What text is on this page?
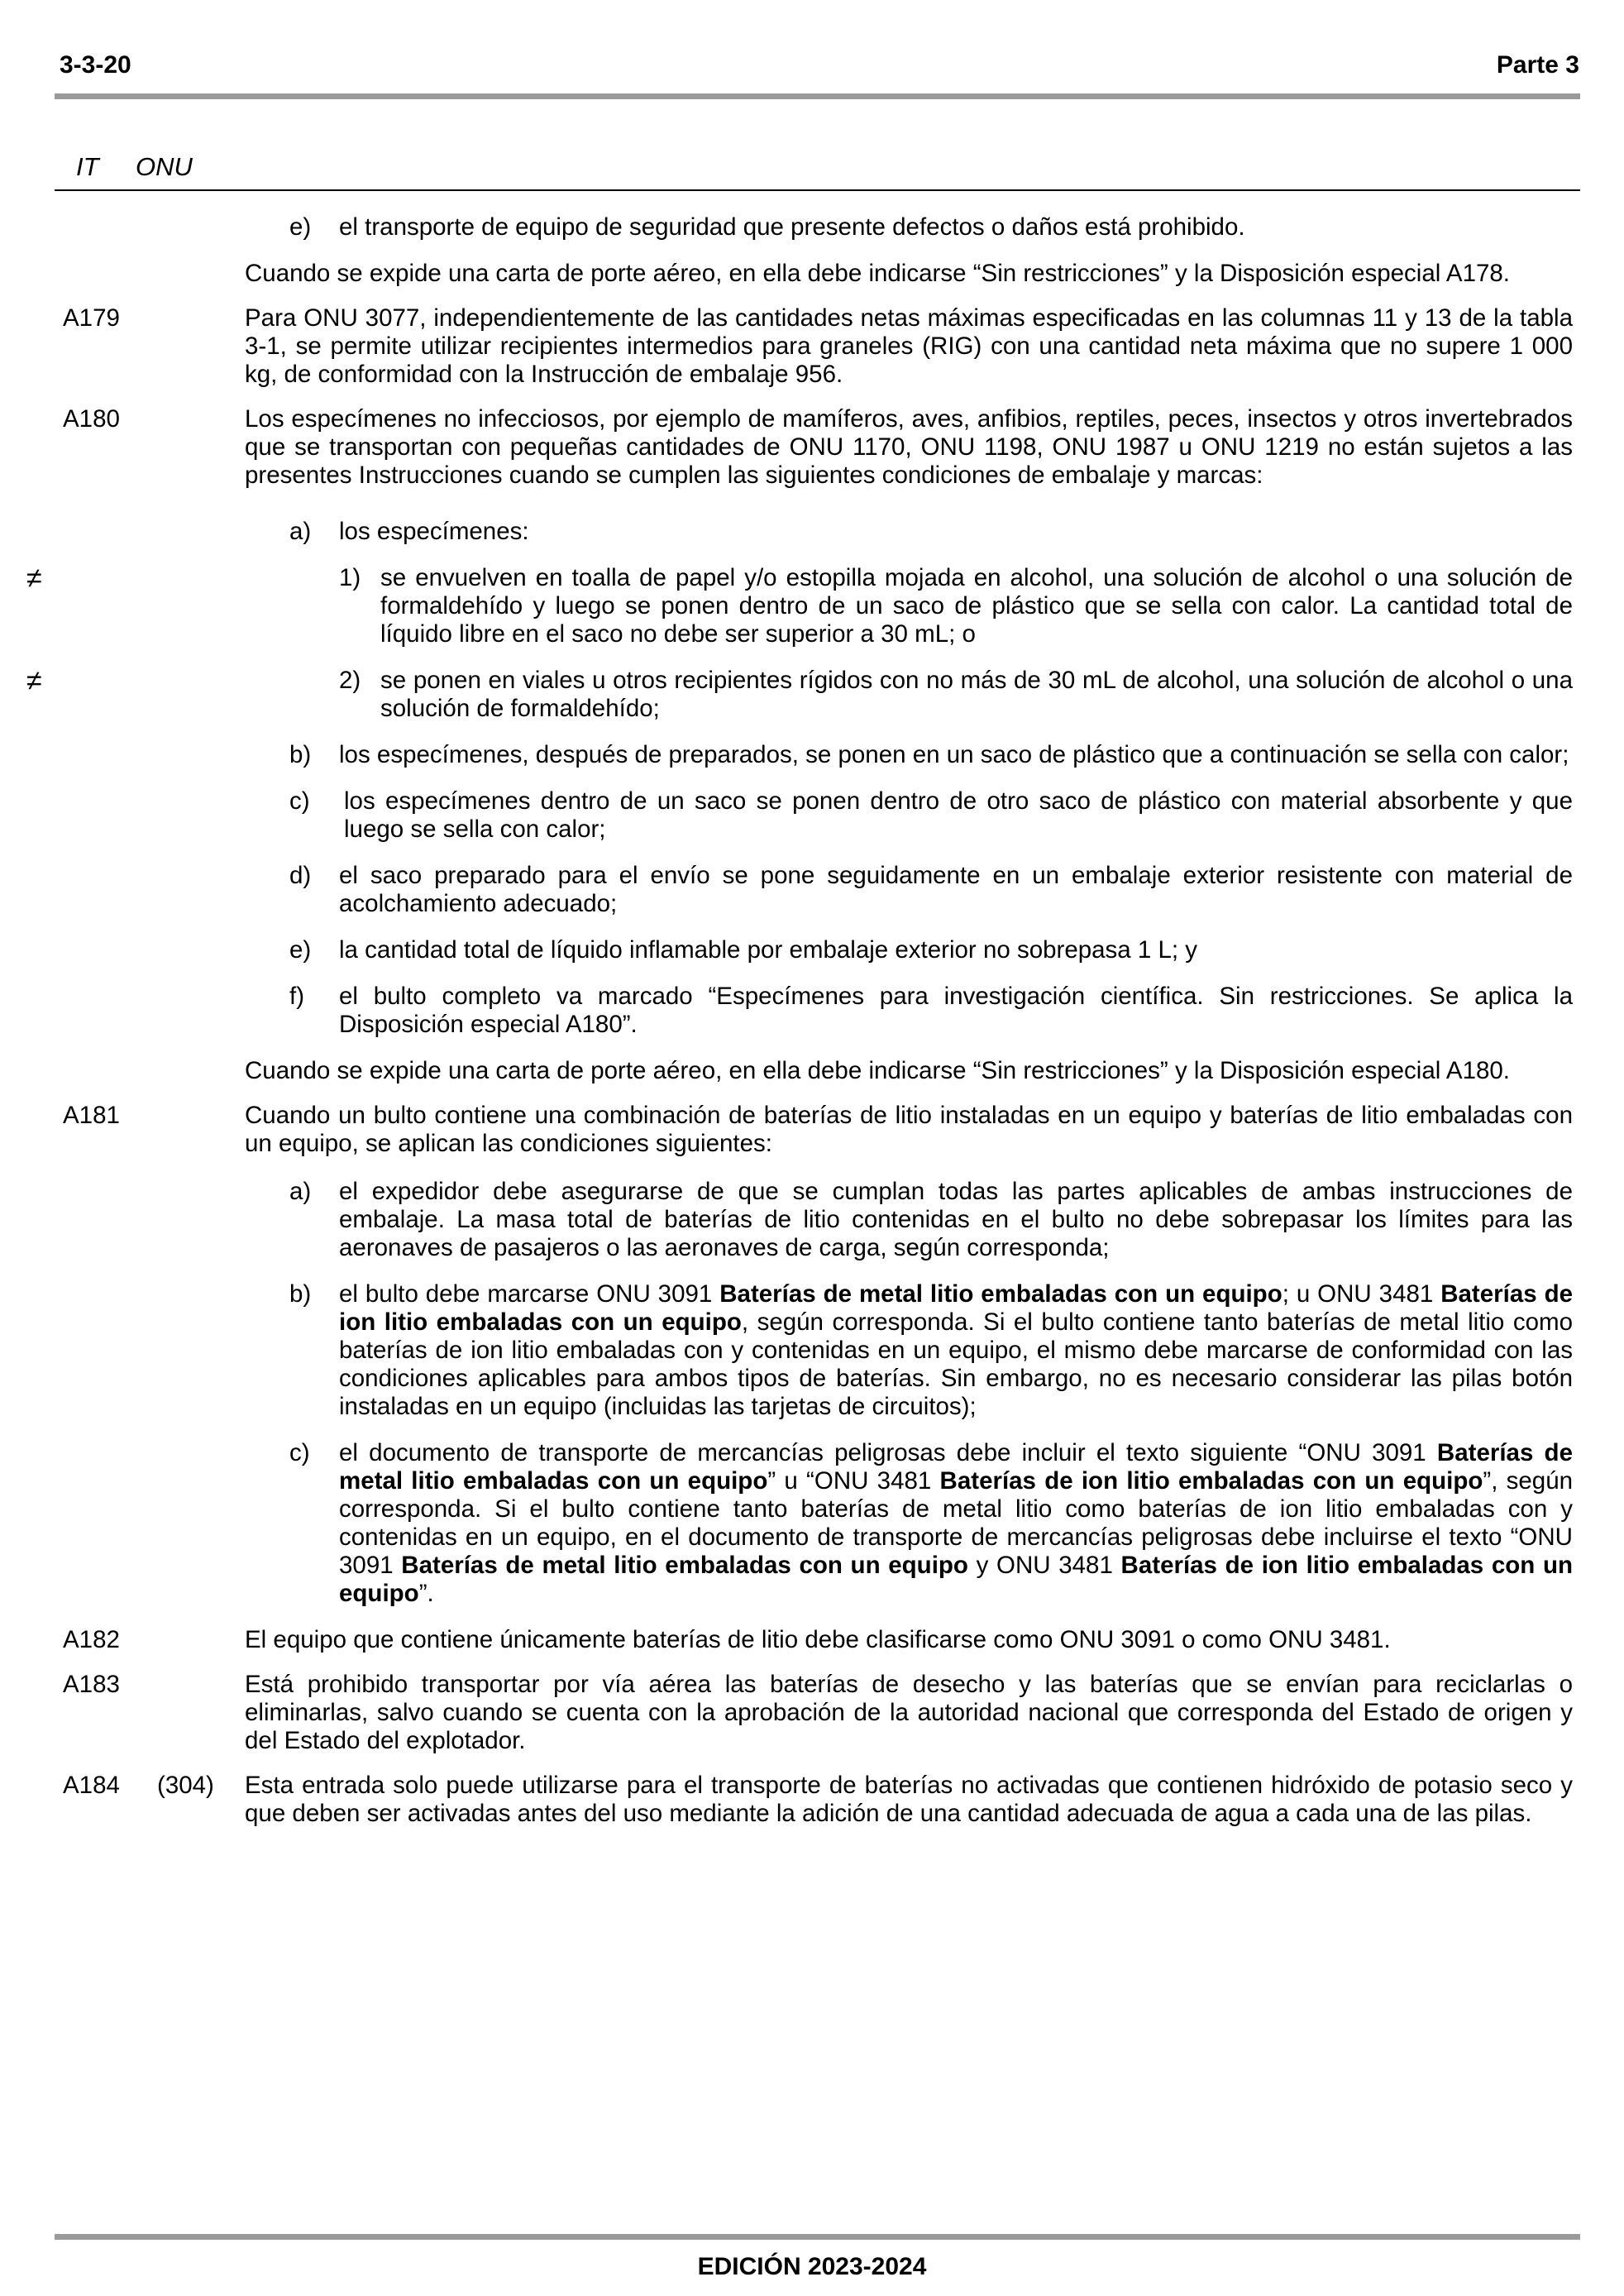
3-3-20	Parte 3
IT ONU
e) el transporte de equipo de seguridad que presente defectos o daños está prohibido.
Cuando se expide una carta de porte aéreo, en ella debe indicarse “Sin restricciones” y la Disposición especial A178.
A179	Para ONU 3077, independientemente de las cantidades netas máximas especificadas en las columnas 11 y 13 de la tabla 3-1, se permite utilizar recipientes intermedios para graneles (RIG) con una cantidad neta máxima que no supere 1 000 kg, de conformidad con la Instrucción de embalaje 956.
A180	Los especímenes no infecciosos, por ejemplo de mamíferos, aves, anfibios, reptiles, peces, insectos y otros invertebrados que se transportan con pequeñas cantidades de ONU 1170, ONU 1198, ONU 1987 u ONU 1219 no están sujetos a las presentes Instrucciones cuando se cumplen las siguientes condiciones de embalaje y marcas:
a) los especímenes:
≠	1) se envuelven en toalla de papel y/o estopilla mojada en alcohol, una solución de alcohol o una solución de formaldehído y luego se ponen dentro de un saco de plástico que se sella con calor. La cantidad total de líquido libre en el saco no debe ser superior a 30 mL; o
≠	2) se ponen en viales u otros recipientes rígidos con no más de 30 mL de alcohol, una solución de alcohol o una solución de formaldehído;
b) los especímenes, después de preparados, se ponen en un saco de plástico que a continuación se sella con calor;
c) los especímenes dentro de un saco se ponen dentro de otro saco de plástico con material absorbente y que luego se sella con calor;
d) el saco preparado para el envío se pone seguidamente en un embalaje exterior resistente con material de acolchamiento adecuado;
e) la cantidad total de líquido inflamable por embalaje exterior no sobrepasa 1 L; y
f) el bulto completo va marcado “Especímenes para investigación científica. Sin restricciones. Se aplica la Disposición especial A180”.
Cuando se expide una carta de porte aéreo, en ella debe indicarse “Sin restricciones” y la Disposición especial A180.
A181	Cuando un bulto contiene una combinación de baterías de litio instaladas en un equipo y baterías de litio embaladas con un equipo, se aplican las condiciones siguientes:
a) el expedidor debe asegurarse de que se cumplan todas las partes aplicables de ambas instrucciones de embalaje. La masa total de baterías de litio contenidas en el bulto no debe sobrepasar los límites para las aeronaves de pasajeros o las aeronaves de carga, según corresponda;
b) el bulto debe marcarse ONU 3091 Baterías de metal litio embaladas con un equipo; u ONU 3481 Baterías de ion litio embaladas con un equipo, según corresponda. Si el bulto contiene tanto baterías de metal litio como baterías de ion litio embaladas con y contenidas en un equipo, el mismo debe marcarse de conformidad con las condiciones aplicables para ambos tipos de baterías. Sin embargo, no es necesario considerar las pilas botón instaladas en un equipo (incluidas las tarjetas de circuitos);
c) el documento de transporte de mercancías peligrosas debe incluir el texto siguiente “ONU 3091 Baterías de metal litio embaladas con un equipo” u “ONU 3481 Baterías de ion litio embaladas con un equipo”, según corresponda. Si el bulto contiene tanto baterías de metal litio como baterías de ion litio embaladas con y contenidas en un equipo, en el documento de transporte de mercancías peligrosas debe incluirse el texto “ONU 3091 Baterías de metal litio embaladas con un equipo y ONU 3481 Baterías de ion litio embaladas con un equipo”.
A182	El equipo que contiene únicamente baterías de litio debe clasificarse como ONU 3091 o como ONU 3481.
A183	Está prohibido transportar por vía aérea las baterías de desecho y las baterías que se envían para reciclarlas o eliminarlas, salvo cuando se cuenta con la aprobación de la autoridad nacional que corresponda del Estado de origen y del Estado del explotador.
A184 (304) Esta entrada solo puede utilizarse para el transporte de baterías no activadas que contienen hidróxido de potasio seco y que deben ser activadas antes del uso mediante la adición de una cantidad adecuada de agua a cada una de las pilas.
EDICIÓN 2023-2024
